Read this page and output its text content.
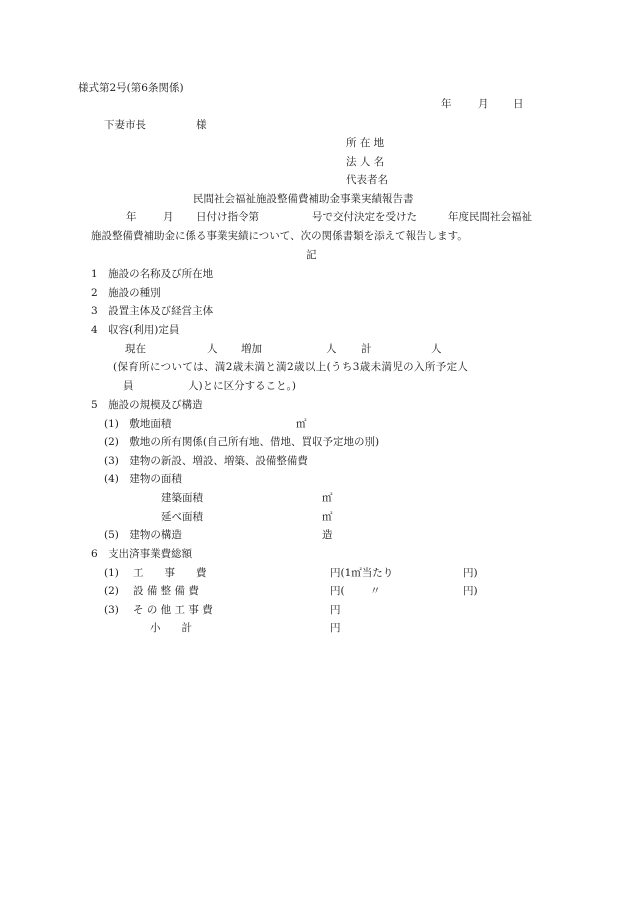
様式第2号(第6条関係)
年	月 日
下妻市長	様
所 在 地
法 人 名
代表者名
民間社会福祉施設整備費補助金事業実績報告書
年	月 日付け指令第	号で交付決定を受けた	年度民間社会福祉
施設整備費補助金に係る事業実績について、次の関係書類を添えて報告します。
記
1　施設の名称及び所在地
2　施設の種別
3　設置主体及び経営主体
4　収容(利用)定員
現在	人 増加	人 計	人
(保育所については、満2歳未満と満2歳以上(うち3歳未満児の入所予定人
員	人)とに区分すること。)
5　施設の規模及び構造
(1)　敷地面積	㎡
(2)　敷地の所有関係(自己所有地、借地、買収予定地の別)
(3)　建物の新設、増設、増築、設備整備費
(4)　建物の面積
建築面積	㎡
延べ面積	㎡
(5)　建物の構造	造
6　支出済事業費総額
(1) 工　　事　　費	円(1㎡当たり	円)
(2) 設 備 整 備 費	円( 〃	円)
(3) そ の 他 工 事 費	円
小　　計	円
